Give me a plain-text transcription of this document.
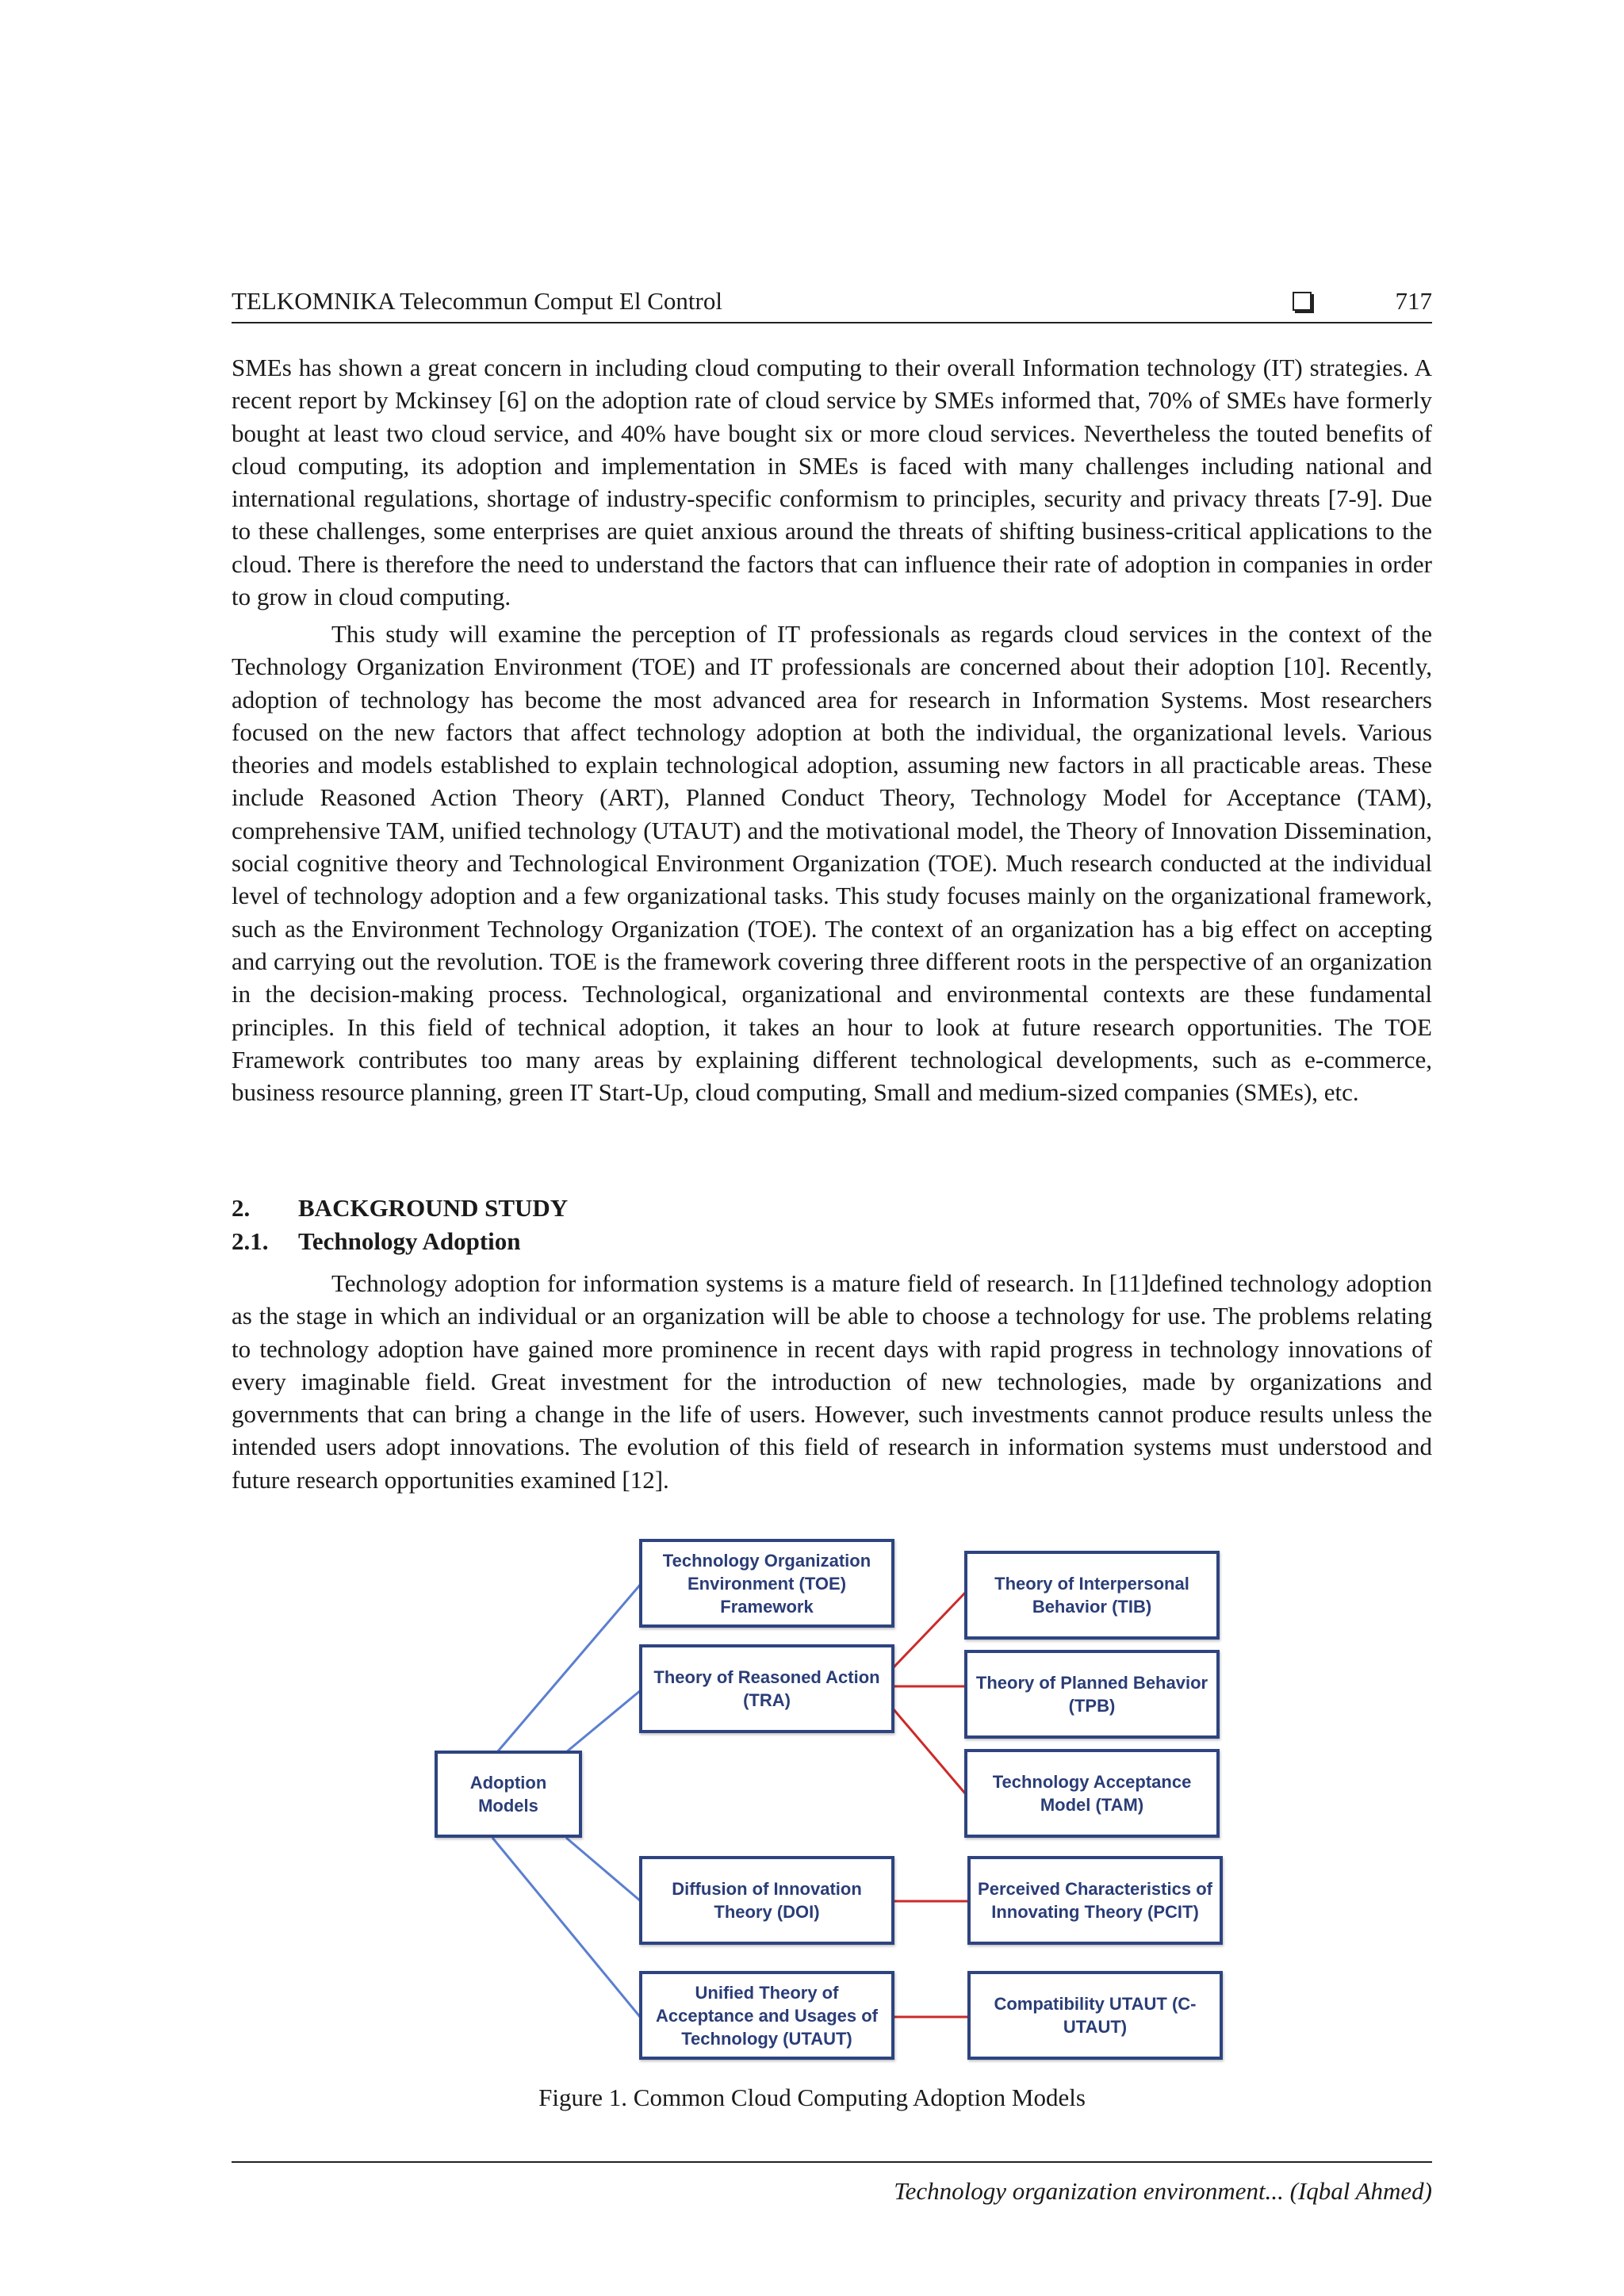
TELKOMNIKA Telecommun Comput El Control	717

SMEs has shown a great concern in including cloud computing to their overall Information technology (IT) strategies. A recent report by Mckinsey [6] on the adoption rate of cloud service by SMEs informed that, 70% of SMEs have formerly bought at least two cloud service, and 40% have bought six or more cloud services. Nevertheless the touted benefits of cloud computing, its adoption and implementation in SMEs is faced with many challenges including national and international regulations, shortage of industry-specific conformism to principles, security and privacy threats [7-9]. Due to these challenges, some enterprises are quiet anxious around the threats of shifting business-critical applications to the cloud. There is therefore the need to understand the factors that can influence their rate of adoption in companies in order to grow in cloud computing.

This study will examine the perception of IT professionals as regards cloud services in the context of the Technology Organization Environment (TOE) and IT professionals are concerned about their adoption [10]. Recently, adoption of technology has become the most advanced area for research in Information Systems. Most researchers focused on the new factors that affect technology adoption at both the individual, the organizational levels. Various theories and models established to explain technological adoption, assuming new factors in all practicable areas. These include Reasoned Action Theory (ART), Planned Conduct Theory, Technology Model for Acceptance (TAM), comprehensive TAM, unified technology (UTAUT) and the motivational model, the Theory of Innovation Dissemination, social cognitive theory and Technological Environment Organization (TOE). Much research conducted at the individual level of technology adoption and a few organizational tasks. This study focuses mainly on the organizational framework, such as the Environment Technology Organization (TOE). The context of an organization has a big effect on accepting and carrying out the revolution. TOE is the framework covering three different roots in the perspective of an organization in the decision-making process. Technological, organizational and environmental contexts are these fundamental principles. In this field of technical adoption, it takes an hour to look at future research opportunities. The TOE Framework contributes too many areas by explaining different technological developments, such as e-commerce, business resource planning, green IT Start-Up, cloud computing, Small and medium-sized companies (SMEs), etc.

2. BACKGROUND STUDY
2.1. Technology Adoption

Technology adoption for information systems is a mature field of research. In [11]defined technology adoption as the stage in which an individual or an organization will be able to choose a technology for use. The problems relating to technology adoption have gained more prominence in recent days with rapid progress in technology innovations of every imaginable field. Great investment for the introduction of new technologies, made by organizations and governments that can bring a change in the life of users. However, such investments cannot produce results unless the intended users adopt innovations. The evolution of this field of research in information systems must understood and future research opportunities examined [12].

Adoption Models
Technology Organization Environment (TOE) Framework
Theory of Reasoned Action (TRA)
Diffusion of Innovation Theory (DOI)
Unified Theory of Acceptance and Usages of Technology (UTAUT)
Theory of Interpersonal Behavior (TIB)
Theory of Planned Behavior (TPB)
Technology Acceptance Model (TAM)
Perceived Characteristics of Innovating Theory (PCIT)
Compatibility UTAUT (C-UTAUT)
Figure 1. Common Cloud Computing Adoption Models
Technology organization environment... (Iqbal Ahmed)
